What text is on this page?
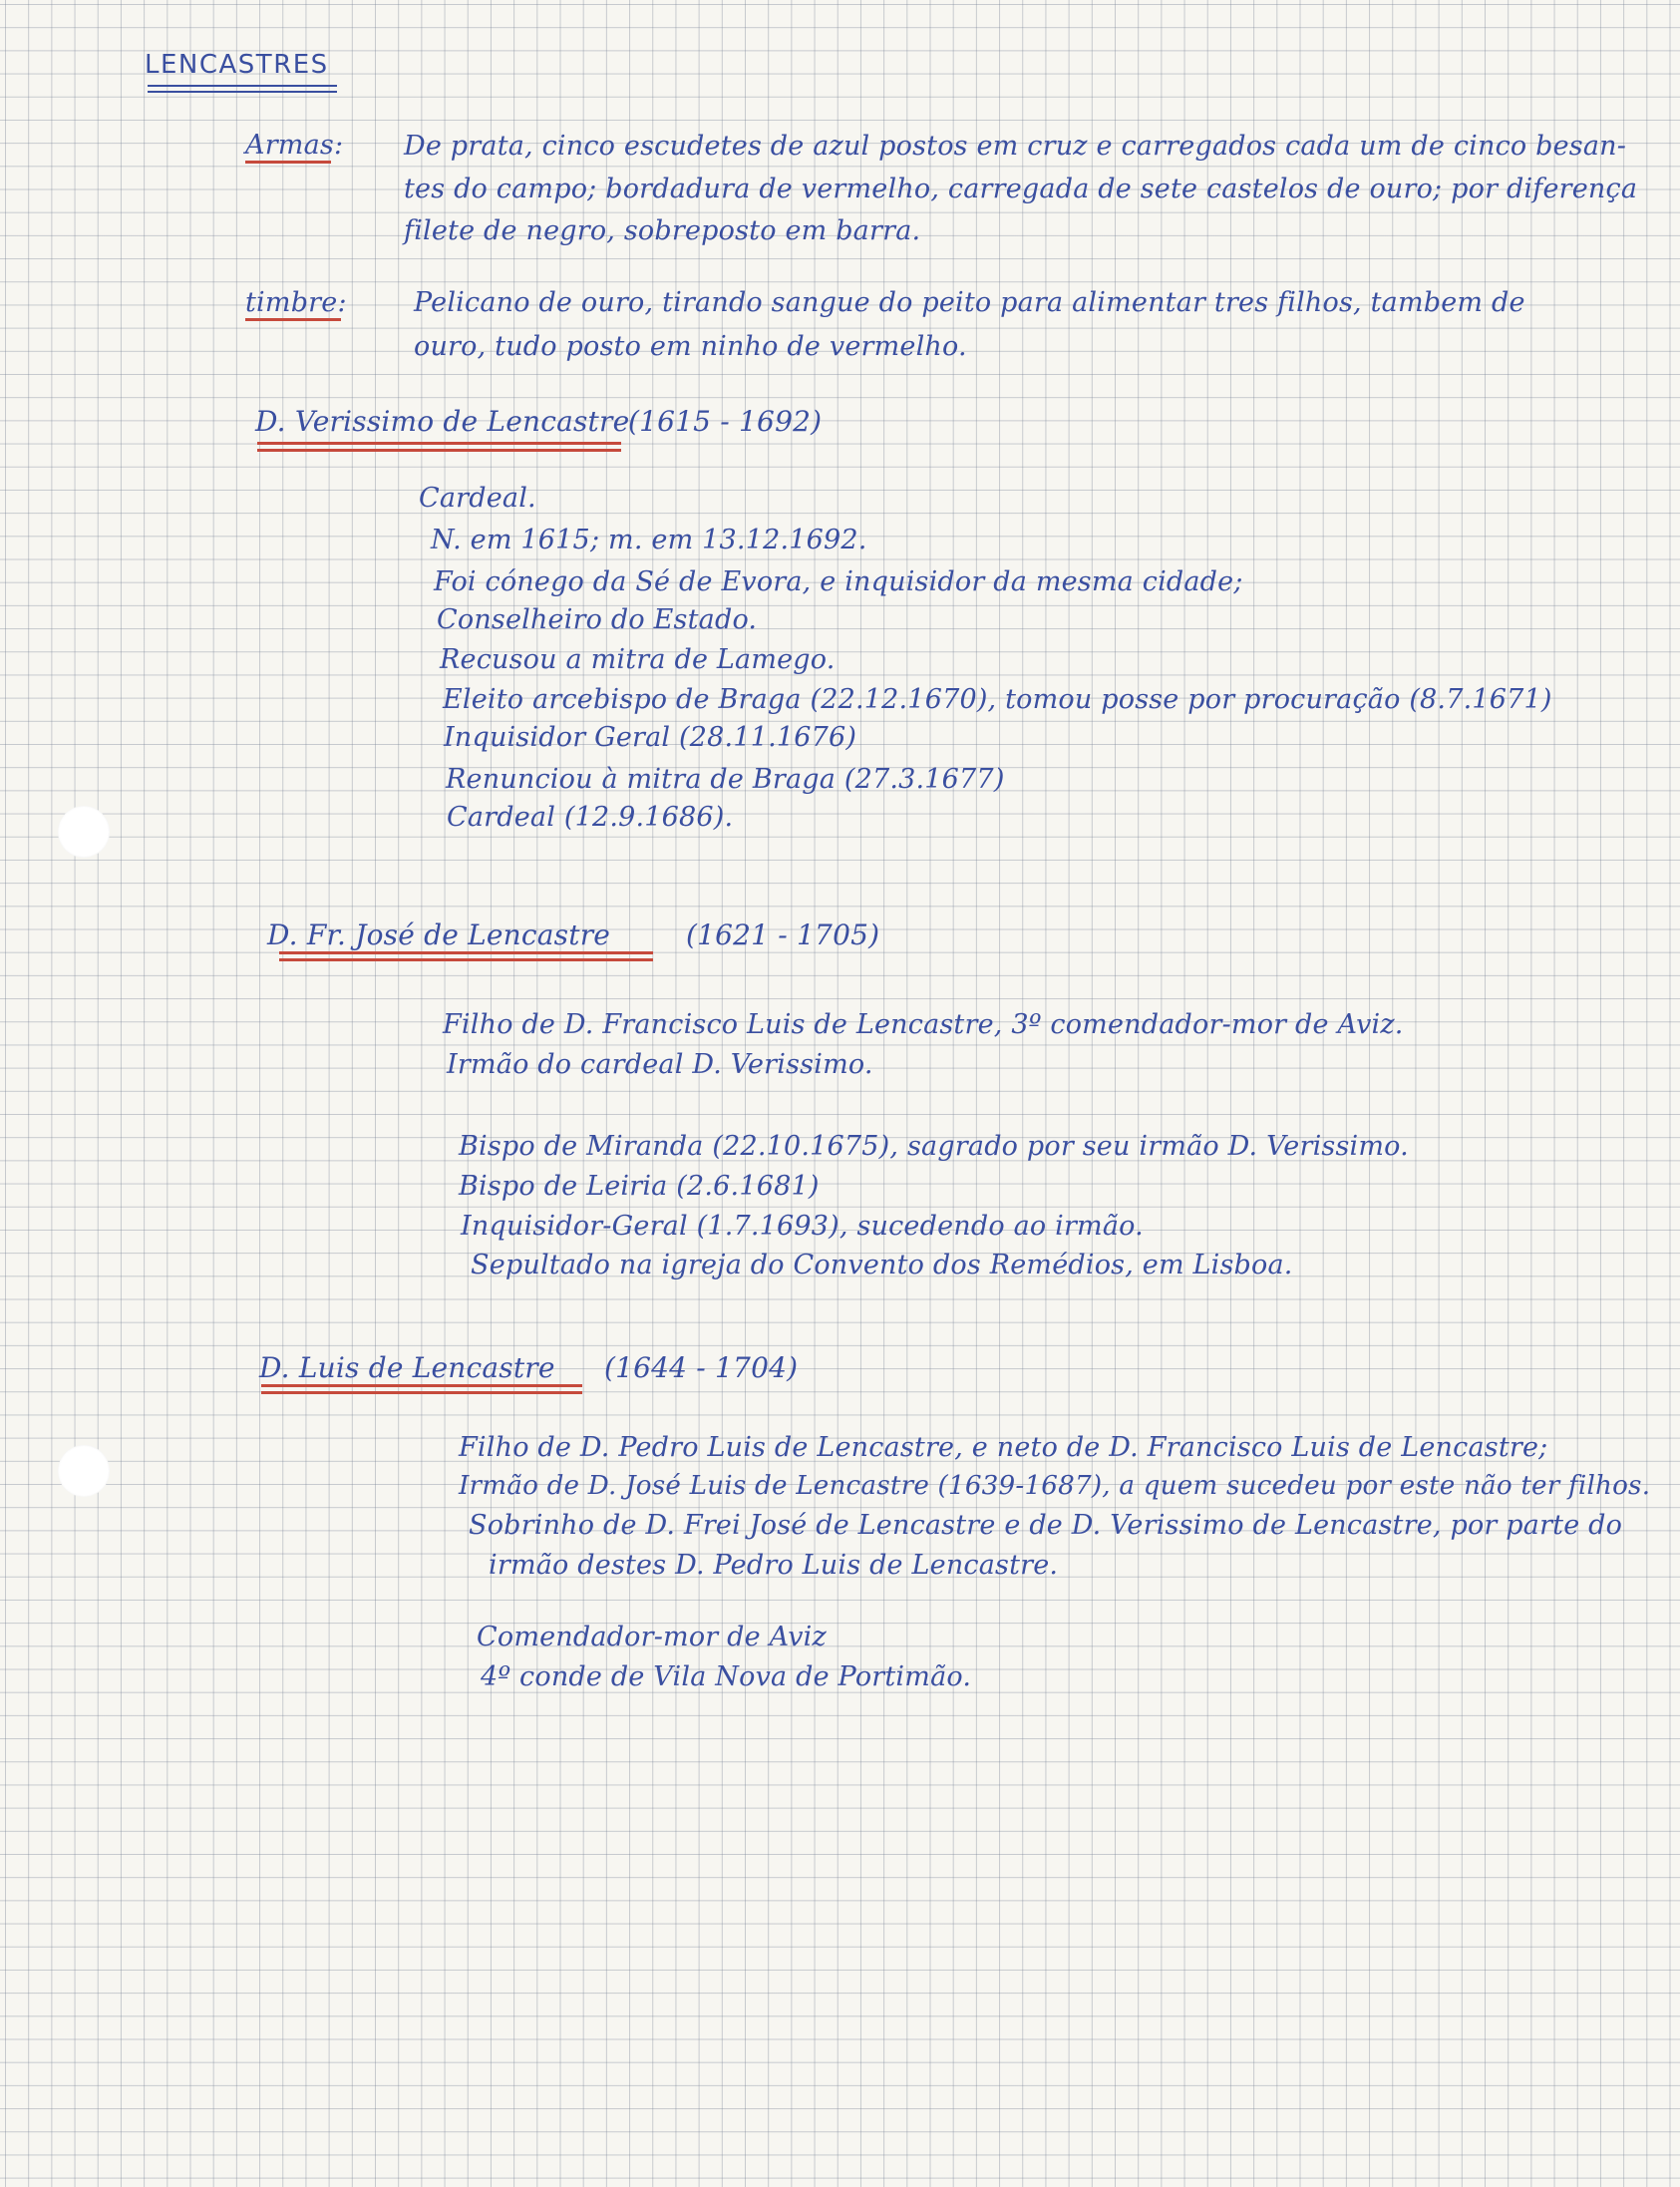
LENCASTRES
Armas: De prata, cinco escudetes de azul postos em cruz e carregados cada um de cinco besan-
tes do campo; bordadura de vermelho, carregada de sete castelos de ouro; por diferença
filete de negro, sobreposto em barra.
timbre: Pelicano de ouro, tirando sangue do peito para alimentar tres filhos, tambem de
ouro, tudo posto em ninho de vermelho.
D. Verissimo de Lencastre
(1615 - 1692)
Cardeal.
N. em 1615; m. em 13.12.1692.
Foi cónego da Sé de Evora, e inquisidor da mesma cidade;
Conselheiro do Estado.
Recusou a mitra de Lamego.
Eleito arcebispo de Braga (22.12.1670), tomou posse por procuração (8.7.1671)
Inquisidor Geral (28.11.1676)
Renunciou à mitra de Braga (27.3.1677)
Cardeal (12.9.1686).
D. Fr. José de Lencastre	(1621 - 1705)
Filho de D. Francisco Luis de Lencastre, 3º comendador-mor de Aviz.
Irmão do cardeal D. Verissimo.
Bispo de Miranda (22.10.1675), sagrado por seu irmão D. Verissimo.
Bispo de Leiria (2.6.1681)
Inquisidor-Geral (1.7.1693), sucedendo ao irmão.
Sepultado na igreja do Convento dos Remédios, em Lisboa.
D. Luis de Lencastre (1644 - 1704)
Filho de D. Pedro Luis de Lencastre, e neto de D. Francisco Luis de Lencastre;
Irmão de D. José Luis de Lencastre (1639-1687), a quem sucedeu por este não ter filhos.
Sobrinho de D. Frei José de Lencastre e de D. Verissimo de Lencastre, por parte do
irmão destes D. Pedro Luis de Lencastre.
Comendador-mor de Aviz
4º conde de Vila Nova de Portimão.
